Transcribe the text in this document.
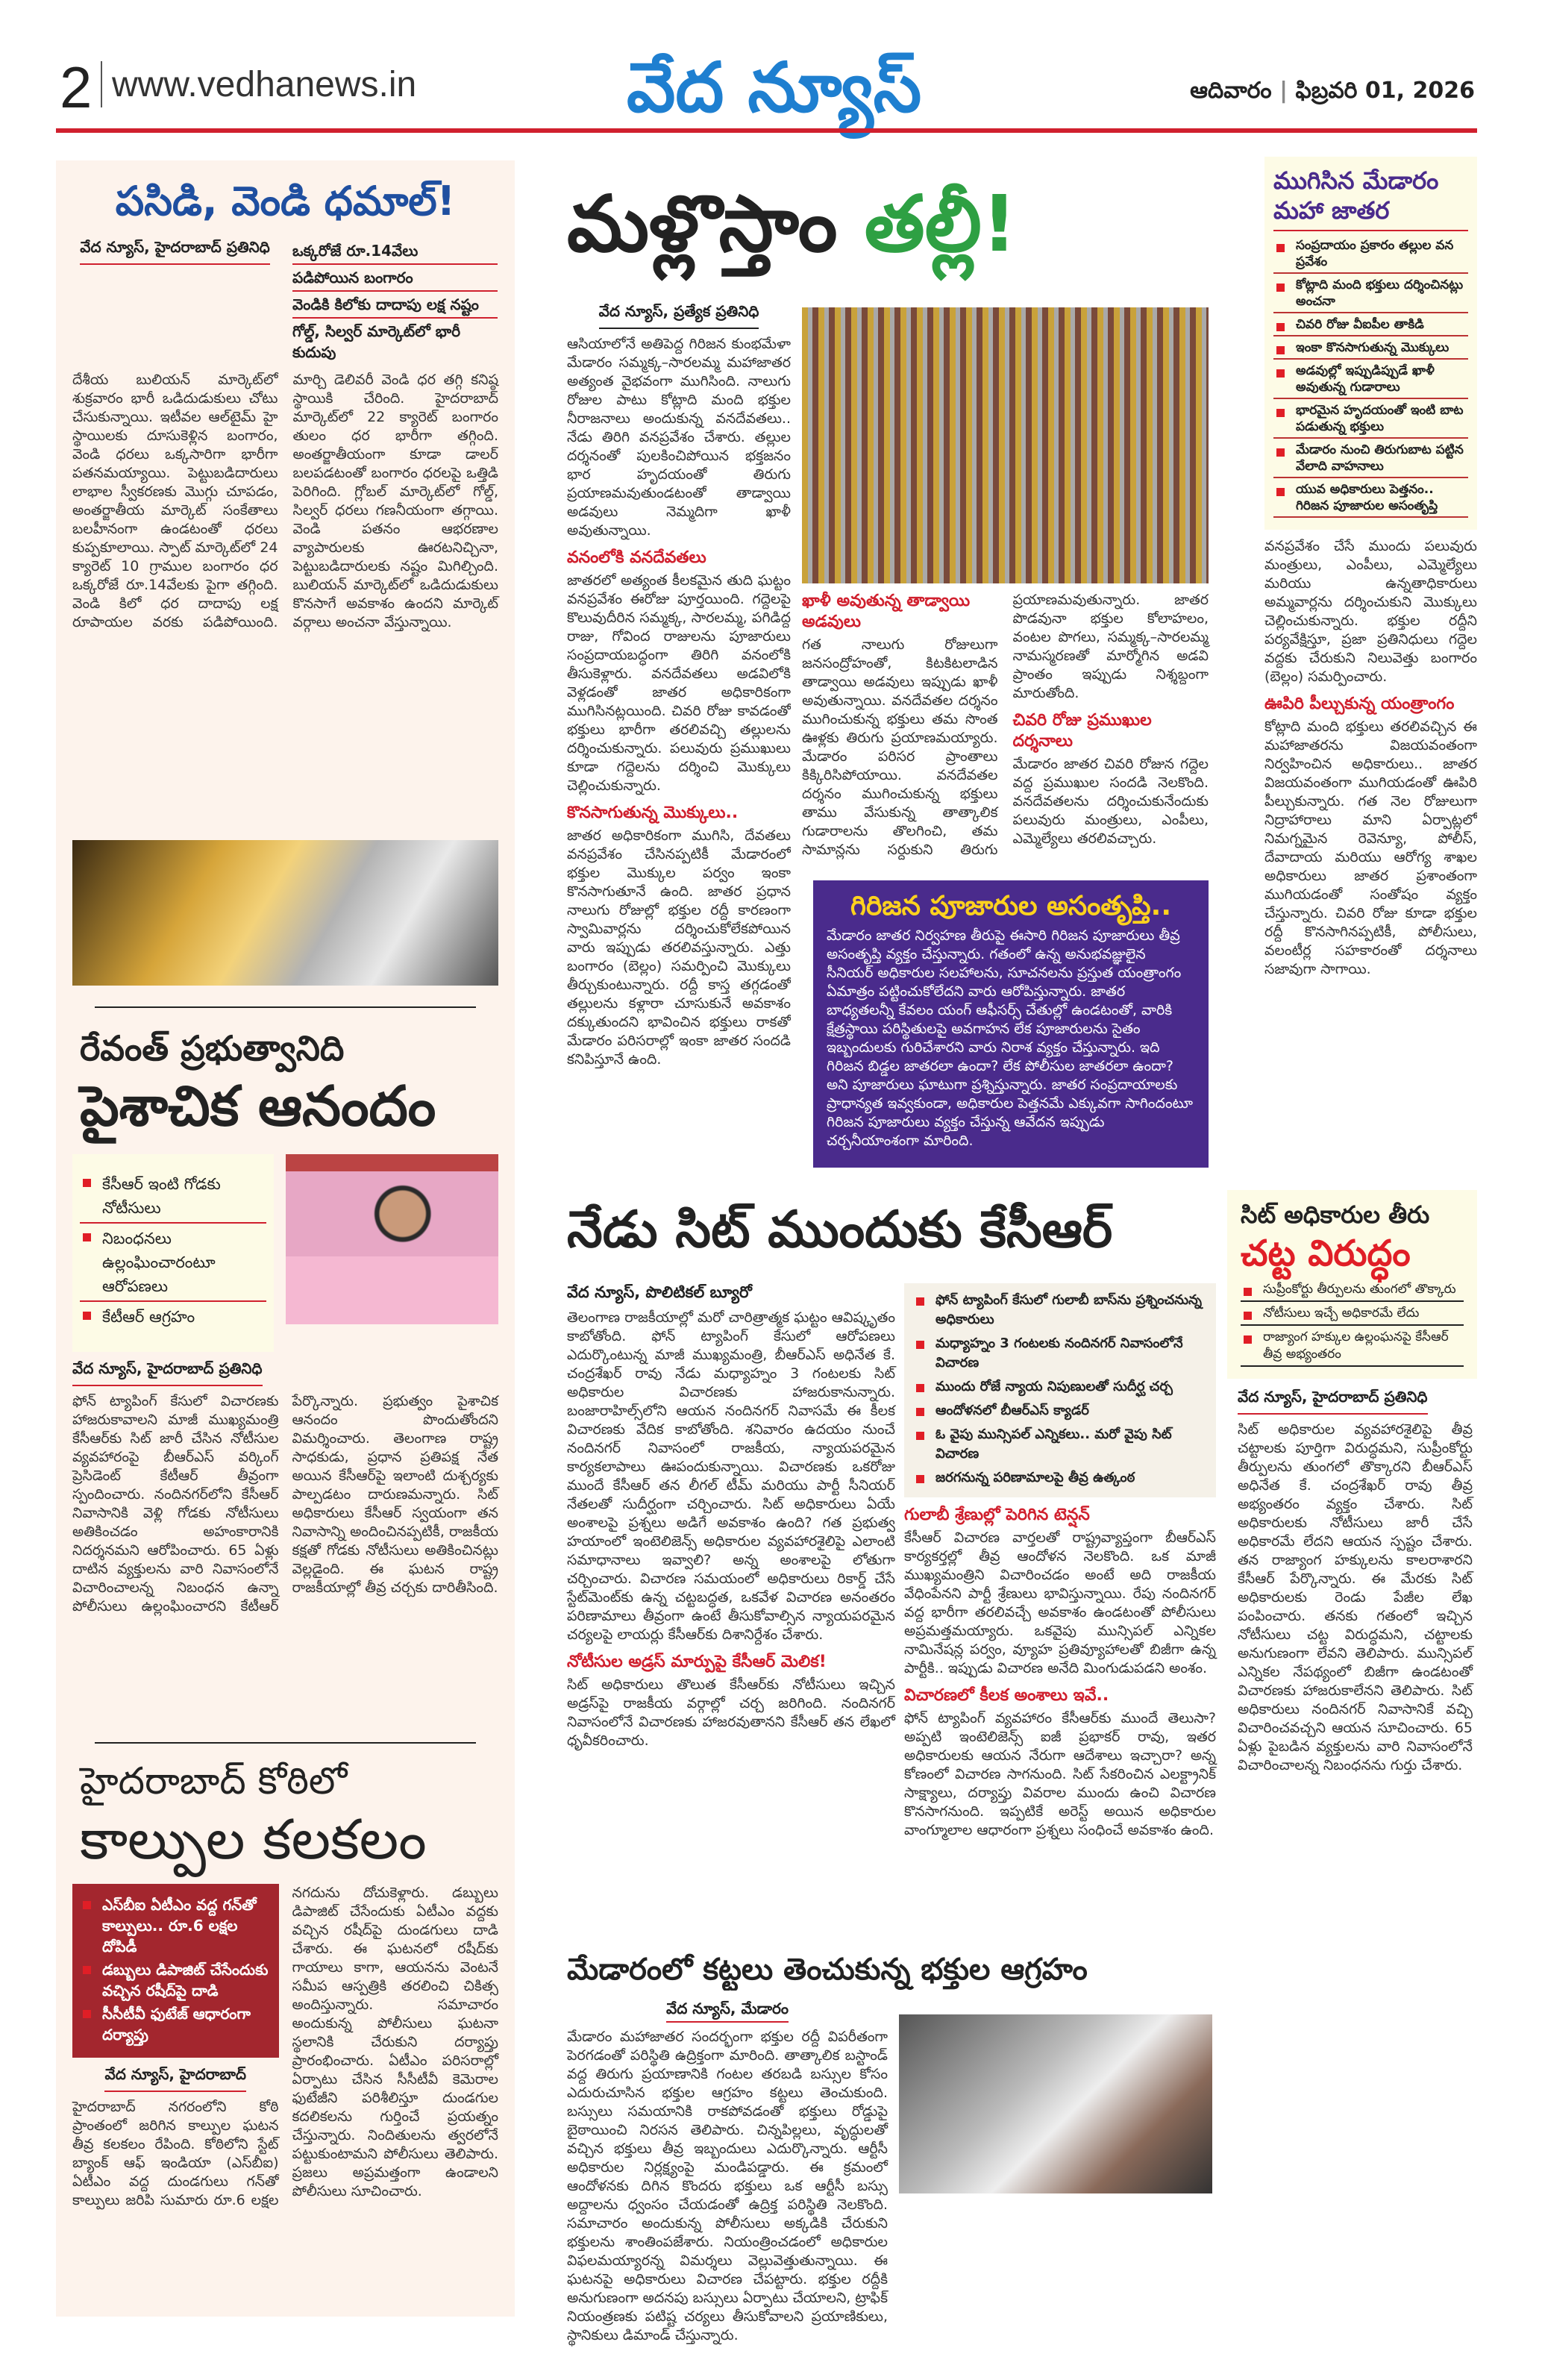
2 www.vedhanews.in	వేద న్యూస్	ఆదివారం | ఫిబ్రవరి 01, 2026
పసిడి, వెండి ధమాల్!
వేద న్యూస్, హైదరాబాద్ ప్రతినిధి	ఒక్కరోజే రూ.14వేలు
పడిపోయిన బంగారం
వెండికి కిలోకు దాదాపు లక్ష నష్టం
గోల్డ్, సిల్వర్ మార్కెట్‌లో భారీ కుదుపు
దేశీయ బులియన్ మార్కెట్‌లో శుక్రవారం భారీ ఒడిదుడుకులు చోటు చేసుకున్నాయి. ఇటీవల ఆల్‌టైమ్ హై స్థాయిలకు దూసుకెళ్లిన బంగారం, వెండి ధరలు ఒక్కసారిగా భారీగా పతనమయ్యాయి. పెట్టుబడిదారులు లాభాల స్వీకరణకు మొగ్గు చూపడం, అంతర్జాతీయ మార్కెట్ సంకేతాలు బలహీనంగా ఉండటంతో ధరలు కుప్పకూలాయి. స్పాట్ మార్కెట్‌లో 24 క్యారెట్ 10 గ్రాముల బంగారం ధర ఒక్కరోజే రూ.14వేలకు పైగా తగ్గింది. వెండి కిలో ధర దాదాపు లక్ష రూపాయల వరకు పడిపోయింది. మార్చి డెలివరీ వెండి ధర తగ్గి కనిష్ఠ స్థాయికి చేరింది. హైదరాబాద్ మార్కెట్‌లో 22 క్యారెట్ బంగారం తులం ధర భారీగా తగ్గింది. అంతర్జాతీయంగా కూడా డాలర్ బలపడటంతో బంగారం ధరలపై ఒత్తిడి పెరిగింది. గ్లోబల్ మార్కెట్‌లో గోల్డ్, సిల్వర్ ధరలు గణనీయంగా తగ్గాయి. వెండి పతనం ఆభరణాల వ్యాపారులకు ఊరటనిచ్చినా, పెట్టుబడిదారులకు నష్టం మిగిల్చింది. బులియన్ మార్కెట్‌లో ఒడిదుడుకులు కొనసాగే అవకాశం ఉందని మార్కెట్ వర్గాలు అంచనా వేస్తున్నాయి.
రేవంత్ ప్రభుత్వానిది
పైశాచిక ఆనందం
కేసీఆర్ ఇంటి గోడకు నోటీసులు
నిబంధనలు ఉల్లంఘించారంటూ ఆరోపణలు
కేటీఆర్ ఆగ్రహం
వేద న్యూస్, హైదరాబాద్ ప్రతినిధి
ఫోన్ ట్యాపింగ్ కేసులో విచారణకు హాజరుకావాలని మాజీ ముఖ్యమంత్రి కేసీఆర్‌కు సిట్ జారీ చేసిన నోటీసుల వ్యవహారంపై బీఆర్ఎస్ వర్కింగ్ ప్రెసిడెంట్ కేటీఆర్ తీవ్రంగా స్పందించారు. నందినగర్‌లోని కేసీఆర్ నివాసానికి వెళ్లి గోడకు నోటీసులు అతికించడం అహంకారానికి నిదర్శనమని ఆరోపించారు. 65 ఏళ్లు దాటిన వ్యక్తులను వారి నివాసంలోనే విచారించాలన్న నిబంధన ఉన్నా పోలీసులు ఉల్లంఘించారని కేటీఆర్ పేర్కొన్నారు. ప్రభుత్వం పైశాచిక ఆనందం పొందుతోందని విమర్శించారు. తెలంగాణ రాష్ట్ర సాధకుడు, ప్రధాన ప్రతిపక్ష నేత అయిన కేసీఆర్‌పై ఇలాంటి దుశ్చర్యకు పాల్పడటం దారుణమన్నారు. సిట్ అధికారులు కేసీఆర్ స్వయంగా తన నివాసాన్ని అందించినప్పటికీ, రాజకీయ కక్షతో గోడకు నోటీసులు అతికించినట్లు వెల్లడైంది. ఈ ఘటన రాష్ట్ర రాజకీయాల్లో తీవ్ర చర్చకు దారితీసింది.
హైదరాబాద్ కోఠిలో
కాల్పుల కలకలం
ఎస్‌బీఐ ఏటీఎం వద్ద గన్‌తో కాల్పులు.. రూ.6 లక్షల దోపిడీ
డబ్బులు డిపాజిట్ చేసేందుకు వచ్చిన రషీద్‌పై దాడి
సీసీటీవీ ఫుటేజ్ ఆధారంగా దర్యాప్తు
వేద న్యూస్, హైదరాబాద్
హైదరాబాద్ నగరంలోని కోఠి ప్రాంతంలో జరిగిన కాల్పుల ఘటన తీవ్ర కలకలం రేపింది. కోఠిలోని స్టేట్ బ్యాంక్ ఆఫ్ ఇండియా (ఎస్‌బీఐ) ఏటీఎం వద్ద దుండగులు గన్‌తో కాల్పులు జరిపి సుమారు రూ.6 లక్షల నగదును దోచుకెళ్లారు. డబ్బులు డిపాజిట్ చేసేందుకు ఏటీఎం వద్దకు వచ్చిన రషీద్‌పై దుండగులు దాడి చేశారు. ఈ ఘటనలో రషీద్‌కు గాయాలు కాగా, ఆయనను వెంటనే సమీప ఆస్పత్రికి తరలించి చికిత్స అందిస్తున్నారు. సమాచారం అందుకున్న పోలీసులు ఘటనా స్థలానికి చేరుకుని దర్యాప్తు ప్రారంభించారు. ఏటీఎం పరిసరాల్లో ఏర్పాటు చేసిన సీసీటీవీ కెమెరాల ఫుటేజీని పరిశీలిస్తూ దుండగుల కదలికలను గుర్తించే ప్రయత్నం చేస్తున్నారు. నిందితులను త్వరలోనే పట్టుకుంటామని పోలీసులు తెలిపారు. ప్రజలు అప్రమత్తంగా ఉండాలని పోలీసులు సూచించారు.
మళ్లొస్తాం తల్లీ!
వేద న్యూస్, ప్రత్యేక ప్రతినిధి
ఆసియాలోనే అతిపెద్ద గిరిజన కుంభమేళా మేడారం సమ్మక్క–సారలమ్మ మహాజాతర అత్యంత వైభవంగా ముగిసింది. నాలుగు రోజుల పాటు కోట్లాది మంది భక్తుల నీరాజనాలు అందుకున్న వనదేవతలు.. నేడు తిరిగి వనప్రవేశం చేశారు. తల్లుల దర్శనంతో పులకించిపోయిన భక్తజనం భార హృదయంతో తిరుగు ప్రయాణమవుతుండటంతో తాడ్వాయి అడవులు నెమ్మదిగా ఖాళీ అవుతున్నాయి.
వనంలోకి వనదేవతలు
జాతరలో అత్యంత కీలకమైన తుది ఘట్టం వనప్రవేశం ఈరోజు పూర్తయింది. గద్దెలపై కొలువుదీరిన సమ్మక్క, సారలమ్మ, పగిడిద్ద రాజు, గోవింద రాజులను పూజారులు సంప్రదాయబద్ధంగా తిరిగి వనంలోకి తీసుకెళ్లారు. వనదేవతలు అడవిలోకి వెళ్లడంతో జాతర అధికారికంగా ముగిసినట్లయింది. చివరి రోజు కావడంతో భక్తులు భారీగా తరలివచ్చి తల్లులను దర్శించుకున్నారు. పలువురు ప్రముఖులు కూడా గద్దెలను దర్శించి మొక్కులు చెల్లించుకున్నారు.
కొనసాగుతున్న మొక్కులు..
జాతర అధికారికంగా ముగిసి, దేవతలు వనప్రవేశం చేసినప్పటికీ మేడారంలో భక్తుల మొక్కుల పర్వం ఇంకా కొనసాగుతూనే ఉంది. జాతర ప్రధాన నాలుగు రోజుల్లో భక్తుల రద్దీ కారణంగా స్వామివార్లను దర్శించుకోలేకపోయిన వారు ఇప్పుడు తరలివస్తున్నారు. ఎత్తు బంగారం (బెల్లం) సమర్పించి మొక్కులు తీర్చుకుంటున్నారు. రద్దీ కాస్త తగ్గడంతో తల్లులను కళ్లారా చూసుకునే అవకాశం దక్కుతుందని భావించిన భక్తులు రాకతో మేడారం పరిసరాల్లో ఇంకా జాతర సందడి కనిపిస్తూనే ఉంది.
ఖాళీ అవుతున్న తాడ్వాయి అడవులు
గత నాలుగు రోజులుగా జనసంద్రోహంతో, కిటకిటలాడిన తాడ్వాయి అడవులు ఇప్పుడు ఖాళీ అవుతున్నాయి. వనదేవతల దర్శనం ముగించుకున్న భక్తులు తమ సొంత ఊళ్లకు తిరుగు ప్రయాణమయ్యారు. మేడారం పరిసర ప్రాంతాలు కిక్కిరిసిపోయాయి. వనదేవతల దర్శనం ముగించుకున్న భక్తులు తాము వేసుకున్న తాత్కాలిక గుడారాలను తొలగించి, తమ సామాన్లను సర్దుకుని తిరుగు ప్రయాణమవుతున్నారు. జాతర పొడవునా భక్తుల కోలాహలం, వంటల పొగలు, సమ్మక్క–సారలమ్మ నామస్మరణతో మార్మోగిన అడవి ప్రాంతం ఇప్పుడు నిశ్శబ్దంగా మారుతోంది.
చివరి రోజు ప్రముఖుల దర్శనాలు
మేడారం జాతర చివరి రోజున గద్దెల వద్ద ప్రముఖుల సందడి నెలకొంది. వనదేవతలను దర్శించుకునేందుకు పలువురు మంత్రులు, ఎంపీలు, ఎమ్మెల్యేలు తరలివచ్చారు.
గిరిజన పూజారుల అసంతృప్తి..
మేడారం జాతర నిర్వహణ తీరుపై ఈసారి గిరిజన పూజారులు తీవ్ర అసంతృప్తి వ్యక్తం చేస్తున్నారు. గతంలో ఉన్న అనుభవజ్ఞులైన సీనియర్ అధికారుల సలహాలను, సూచనలను ప్రస్తుత యంత్రాంగం ఏమాత్రం పట్టించుకోలేదని వారు ఆరోపిస్తున్నారు. జాతర బాధ్యతలన్నీ కేవలం యంగ్ ఆఫీసర్స్ చేతుల్లో ఉండటంతో, వారికి క్షేత్రస్థాయి పరిస్థితులపై అవగాహన లేక పూజారులను సైతం ఇబ్బందులకు గురిచేశారని వారు నిరాశ వ్యక్తం చేస్తున్నారు. ఇది గిరిజన బిడ్డల జాతరలా ఉందా? లేక పోలీసుల జాతరలా ఉందా? అని పూజారులు ఘాటుగా ప్రశ్నిస్తున్నారు. జాతర సంప్రదాయాలకు ప్రాధాన్యత ఇవ్వకుండా, అధికారుల పెత్తనమే ఎక్కువగా సాగిందంటూ గిరిజన పూజారులు వ్యక్తం చేస్తున్న ఆవేదన ఇప్పుడు చర్చనీయాంశంగా మారింది.
ముగిసిన మేడారం మహా జాతర
సంప్రదాయం ప్రకారం తల్లుల వన ప్రవేశం
కోట్లాది మంది భక్తులు దర్శించినట్లు అంచనా
చివరి రోజు వీఐపీల తాకిడి
ఇంకా కొనసాగుతున్న మొక్కులు
అడవుల్లో ఇప్పుడిప్పుడే ఖాళీ అవుతున్న గుడారాలు
భారమైన హృదయంతో ఇంటి బాట పడుతున్న భక్తులు
మేడారం నుంచి తిరుగుబాట పట్టిన వేలాది వాహనాలు
యువ అధికారులు పెత్తనం.. గిరిజన పూజారుల అసంతృప్తి
వనప్రవేశం చేసే ముందు పలువురు మంత్రులు, ఎంపీలు, ఎమ్మెల్యేలు మరియు ఉన్నతాధికారులు అమ్మవార్లను దర్శించుకుని మొక్కులు చెల్లించుకున్నారు. భక్తుల రద్దీని పర్యవేక్షిస్తూ, ప్రజా ప్రతినిధులు గద్దెల వద్దకు చేరుకుని నిలువెత్తు బంగారం (బెల్లం) సమర్పించారు.
ఊపిరి పీల్చుకున్న యంత్రాంగం
కోట్లాది మంది భక్తులు తరలివచ్చిన ఈ మహాజాతరను విజయవంతంగా నిర్వహించిన అధికారులు.. జాతర విజయవంతంగా ముగియడంతో ఊపిరి పీల్చుకున్నారు. గత నెల రోజులుగా నిద్రాహారాలు మాని ఏర్పాట్లలో నిమగ్నమైన రెవెన్యూ, పోలీస్, దేవాదాయ మరియు ఆరోగ్య శాఖల అధికారులు జాతర ప్రశాంతంగా ముగియడంతో సంతోషం వ్యక్తం చేస్తున్నారు. చివరి రోజు కూడా భక్తుల రద్దీ కొనసాగినప్పటికీ, పోలీసులు, వలంటీర్ల సహకారంతో దర్శనాలు సజావుగా సాగాయి.
నేడు సిట్ ముందుకు కేసీఆర్
వేద న్యూస్, పొలిటికల్ బ్యూరో
తెలంగాణ రాజకీయాల్లో మరో చారిత్రాత్మక ఘట్టం ఆవిష్కృతం కాబోతోంది. ఫోన్ ట్యాపింగ్ కేసులో ఆరోపణలు ఎదుర్కొంటున్న మాజీ ముఖ్యమంత్రి, బీఆర్ఎస్ అధినేత కే. చంద్రశేఖర్ రావు నేడు మధ్యాహ్నం 3 గంటలకు సిట్ అధికారుల విచారణకు హాజరుకానున్నారు. బంజారాహిల్స్‌లోని ఆయన నందినగర్ నివాసమే ఈ కీలక విచారణకు వేదిక కాబోతోంది. శనివారం ఉదయం నుంచే నందినగర్ నివాసంలో రాజకీయ, న్యాయపరమైన కార్యకలాపాలు ఊపందుకున్నాయి. విచారణకు ఒకరోజు ముందే కేసీఆర్ తన లీగల్ టీమ్ మరియు పార్టీ సీనియర్ నేతలతో సుదీర్ఘంగా చర్చించారు. సిట్ అధికారులు ఏయే అంశాలపై ప్రశ్నలు అడిగే అవకాశం ఉంది? గత ప్రభుత్వ హయాంలో ఇంటెలిజెన్స్ అధికారుల వ్యవహారశైలిపై ఎలాంటి సమాధానాలు ఇవ్వాలి? అన్న అంశాలపై లోతుగా చర్చించారు. విచారణ సమయంలో అధికారులు రికార్డ్ చేసే స్టేట్‌మెంట్‌కు ఉన్న చట్టబద్ధత, ఒకవేళ విచారణ అనంతరం పరిణామాలు తీవ్రంగా ఉంటే తీసుకోవాల్సిన న్యాయపరమైన చర్యలపై లాయర్లు కేసీఆర్‌కు దిశానిర్దేశం చేశారు.
నోటీసుల అడ్రస్ మార్పుపై కేసీఆర్ మెలిక!
సిట్ అధికారులు తొలుత కేసీఆర్‌కు నోటీసులు ఇచ్చిన అడ్రస్‌పై రాజకీయ వర్గాల్లో చర్చ జరిగింది. నందినగర్ నివాసంలోనే విచారణకు హాజరవుతానని కేసీఆర్ తన లేఖలో ధృవీకరించారు.
ఫోన్ ట్యాపింగ్ కేసులో గులాబీ బాస్‌ను ప్రశ్నించనున్న అధికారులు
మధ్యాహ్నం 3 గంటలకు నందినగర్ నివాసంలోనే విచారణ
ముందు రోజే న్యాయ నిపుణులతో సుదీర్ఘ చర్చ
ఆందోళనలో బీఆర్ఎస్ క్యాడర్
ఓ వైపు మున్సిపల్ ఎన్నికలు.. మరో వైపు సిట్ విచారణ
జరగనున్న పరిణామాలపై తీవ్ర ఉత్కంఠ
గులాబీ శ్రేణుల్లో పెరిగిన టెన్షన్
కేసీఆర్ విచారణ వార్తలతో రాష్ట్రవ్యాప్తంగా బీఆర్ఎస్ కార్యకర్తల్లో తీవ్ర ఆందోళన నెలకొంది. ఒక మాజీ ముఖ్యమంత్రిని విచారించడం అంటే అది రాజకీయ వేధింపేనని పార్టీ శ్రేణులు భావిస్తున్నాయి. రేపు నందినగర్ వద్ద భారీగా తరలివచ్చే అవకాశం ఉండటంతో పోలీసులు అప్రమత్తమయ్యారు. ఒకవైపు మున్సిపల్ ఎన్నికల నామినేషన్ల పర్వం, వ్యూహ ప్రతివ్యూహాలతో బిజీగా ఉన్న పార్టీకి.. ఇప్పుడు విచారణ అనేది మింగుడుపడని అంశం.
విచారణలో కీలక అంశాలు ఇవే..
ఫోన్ ట్యాపింగ్ వ్యవహారం కేసీఆర్‌కు ముందే తెలుసా? అప్పటి ఇంటెలిజెన్స్ ఐజీ ప్రభాకర్ రావు, ఇతర అధికారులకు ఆయన నేరుగా ఆదేశాలు ఇచ్చారా? అన్న కోణంలో విచారణ సాగనుంది. సిట్ సేకరించిన ఎలక్ట్రానిక్ సాక్ష్యాలు, దర్యాప్తు వివరాల ముందు ఉంచి విచారణ కొనసాగనుంది. ఇప్పటికే అరెస్ట్ అయిన అధికారుల వాంగ్మూలాల ఆధారంగా ప్రశ్నలు సంధించే అవకాశం ఉంది.
సిట్ అధికారుల తీరు
చట్ట విరుద్ధం
సుప్రీంకోర్టు తీర్పులను తుంగలో తొక్కారు
నోటీసులు ఇచ్చే అధికారమే లేదు
రాజ్యాంగ హక్కుల ఉల్లంఘనపై కేసీఆర్ తీవ్ర అభ్యంతరం
వేద న్యూస్, హైదరాబాద్ ప్రతినిధి
సిట్ అధికారుల వ్యవహారశైలిపై తీవ్ర చట్టాలకు పూర్తిగా విరుద్ధమని, సుప్రీంకోర్టు తీర్పులను తుంగలో తొక్కారని బీఆర్ఎస్ అధినేత కే. చంద్రశేఖర్ రావు తీవ్ర అభ్యంతరం వ్యక్తం చేశారు. సిట్ అధికారులకు నోటీసులు జారీ చేసే అధికారమే లేదని ఆయన స్పష్టం చేశారు. తన రాజ్యాంగ హక్కులను కాలరాశారని కేసీఆర్ పేర్కొన్నారు. ఈ మేరకు సిట్ అధికారులకు రెండు పేజీల లేఖ పంపించారు. తనకు గతంలో ఇచ్చిన నోటీసులు చట్ట విరుద్ధమని, చట్టాలకు అనుగుణంగా లేవని తెలిపారు. మున్సిపల్ ఎన్నికల నేపథ్యంలో బిజీగా ఉండటంతో విచారణకు హాజరుకాలేనని తెలిపారు. సిట్ అధికారులు నందినగర్ నివాసానికే వచ్చి విచారించవచ్చని ఆయన సూచించారు. 65 ఏళ్లు పైబడిన వ్యక్తులను వారి నివాసంలోనే విచారించాలన్న నిబంధనను గుర్తు చేశారు.
మేడారంలో కట్టలు తెంచుకున్న భక్తుల ఆగ్రహం
వేద న్యూస్, మేడారం
మేడారం మహాజాతర సందర్భంగా భక్తుల రద్దీ విపరీతంగా పెరగడంతో పరిస్థితి ఉద్రిక్తంగా మారింది. తాత్కాలిక బస్టాండ్ వద్ద తిరుగు ప్రయాణానికి గంటల తరబడి బస్సుల కోసం ఎదురుచూసిన భక్తుల ఆగ్రహం కట్టలు తెంచుకుంది. బస్సులు సమయానికి రాకపోవడంతో భక్తులు రోడ్డుపై బైఠాయించి నిరసన తెలిపారు. చిన్నపిల్లలు, వృద్ధులతో వచ్చిన భక్తులు తీవ్ర ఇబ్బందులు ఎదుర్కొన్నారు. ఆర్టీసీ అధికారుల నిర్లక్ష్యంపై మండిపడ్డారు. ఈ క్రమంలో ఆందోళనకు దిగిన కొందరు భక్తులు ఒక ఆర్టీసీ బస్సు అద్దాలను ధ్వంసం చేయడంతో ఉద్రిక్త పరిస్థితి నెలకొంది. సమాచారం అందుకున్న పోలీసులు అక్కడికి చేరుకుని భక్తులను శాంతింపజేశారు. నియంత్రించడంలో అధికారుల విఫలమయ్యారన్న విమర్శలు వెల్లువెత్తుతున్నాయి. ఈ ఘటనపై అధికారులు విచారణ చేపట్టారు. భక్తుల రద్దీకి అనుగుణంగా అదనపు బస్సులు ఏర్పాటు చేయాలని, ట్రాఫిక్ నియంత్రణకు పటిష్ట చర్యలు తీసుకోవాలని ప్రయాణికులు, స్థానికులు డిమాండ్ చేస్తున్నారు.
